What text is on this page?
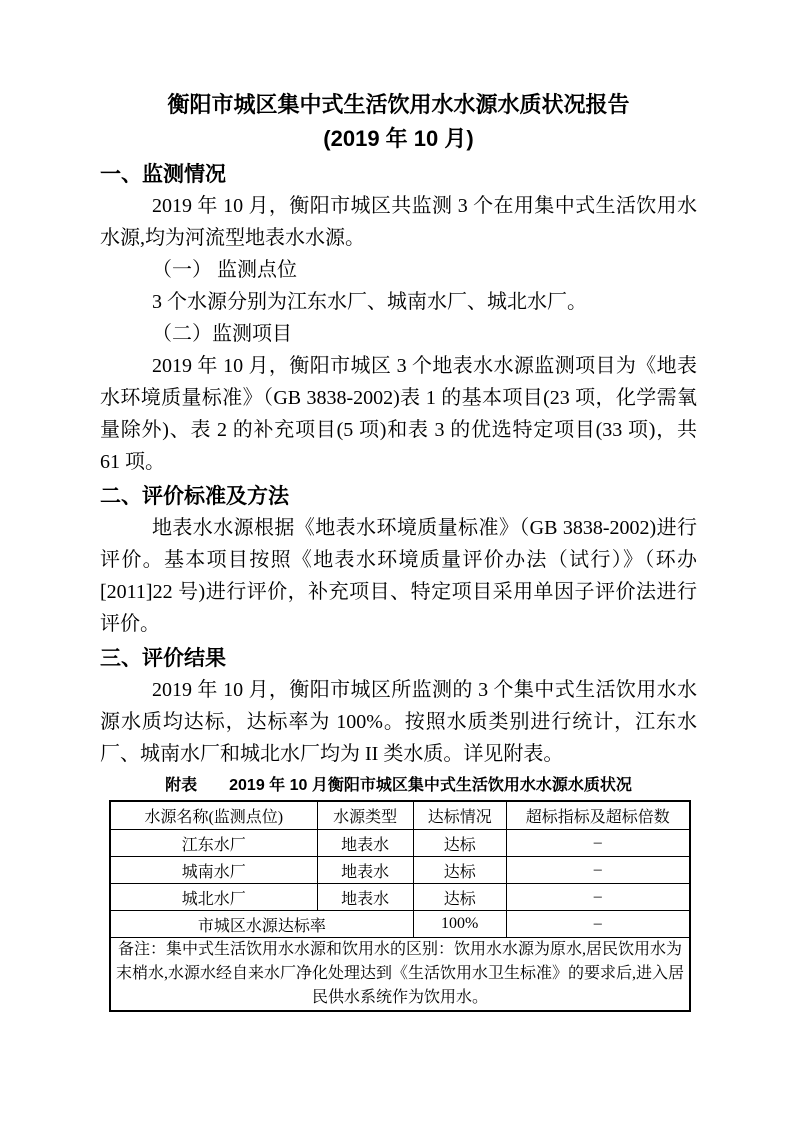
衡阳市城区集中式生活饮用水水源水质状况报告
(2019 年 10 月)
一、监测情况

2019 年 10 月，衡阳市城区共监测 3 个在用集中式生活饮用水水源,均为河流型地表水水源。

（一） 监测点位

3 个水源分别为江东水厂、城南水厂、城北水厂。

（二）监测项目

2019 年 10 月，衡阳市城区 3 个地表水水源监测项目为《地表水环境质量标准》（GB 3838-2002)表 1 的基本项目(23 项，化学需氧量除外)、表 2 的补充项目(5 项)和表 3 的优选特定项目(33 项)，共 61 项。

二、评价标准及方法

地表水水源根据《地表水环境质量标准》（GB 3838-2002)进行评价。基本项目按照《地表水环境质量评价办法（试行）》（环办[2011]22 号)进行评价，补充项目、特定项目采用单因子评价法进行评价。

三、评价结果

2019 年 10 月，衡阳市城区所监测的 3 个集中式生活饮用水水源水质均达标，达标率为 100%。按照水质类别进行统计，江东水厂、城南水厂和城北水厂均为 II 类水质。详见附表。

附表　　2019 年 10 月衡阳市城区集中式生活饮用水水源水质状况
水源名称(监测点位)	水源类型	达标情况	超标指标及超标倍数
江东水厂	地表水	达标	–
城南水厂	地表水	达标	–
城北水厂	地表水	达标	–
市城区水源达标率		100%	–
备注：集中式生活饮用水水源和饮用水的区别：饮用水水源为原水,居民饮用水为末梢水,水源水经自来水厂净化处理达到《生活饮用水卫生标准》的要求后,进入居民供水系统作为饮用水。			
